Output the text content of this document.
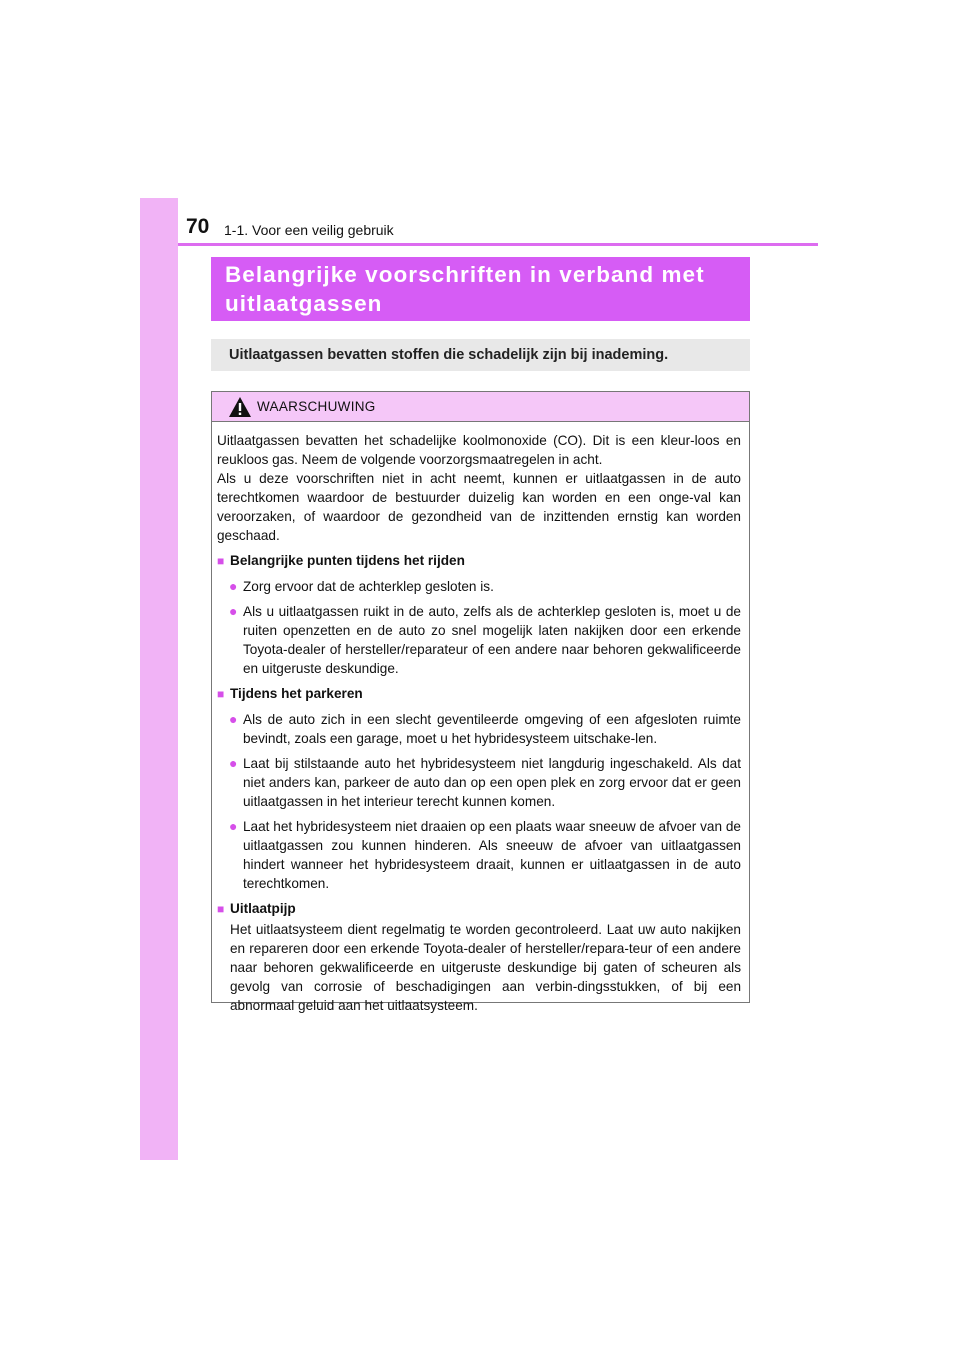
70 1-1. Voor een veilig gebruik
Belangrijke voorschriften in verband met
uitlaatgassen

Uitlaatgassen bevatten stoffen die schadelijk zijn bij inademing.

WAARSCHUWING

Uitlaatgassen bevatten het schadelijke koolmonoxide (CO). Dit is een kleur-loos en reukloos gas. Neem de volgende voorzorgsmaatregelen in acht.

Als u deze voorschriften niet in acht neemt, kunnen er uitlaatgassen in de auto terechtkomen waardoor de bestuurder duizelig kan worden en een onge-val kan veroorzaken, of waardoor de gezondheid van de inzittenden ernstig kan worden geschaad.

■ Belangrijke punten tijdens het rijden
● Zorg ervoor dat de achterklep gesloten is.

● Als u uitlaatgassen ruikt in de auto, zelfs als de achterklep gesloten is, moet u de ruiten openzetten en de auto zo snel mogelijk laten nakijken door een erkende Toyota-dealer of hersteller/reparateur of een andere naar behoren gekwalificeerde en uitgeruste deskundige.

■ Tijdens het parkeren
● Als de auto zich in een slecht geventileerde omgeving of een afgesloten ruimte bevindt, zoals een garage, moet u het hybridesysteem uitschake-len.

● Laat bij stilstaande auto het hybridesysteem niet langdurig ingeschakeld. Als dat niet anders kan, parkeer de auto dan op een open plek en zorg ervoor dat er geen uitlaatgassen in het interieur terecht kunnen komen.

● Laat het hybridesysteem niet draaien op een plaats waar sneeuw de afvoer van de uitlaatgassen zou kunnen hinderen. Als sneeuw de afvoer van uitlaatgassen hindert wanneer het hybridesysteem draait, kunnen er uitlaatgassen in de auto terechtkomen.

■ Uitlaatpijp

Het uitlaatsysteem dient regelmatig te worden gecontroleerd. Laat uw auto nakijken en repareren door een erkende Toyota-dealer of hersteller/repara-teur of een andere naar behoren gekwalificeerde en uitgeruste deskundige bij gaten of scheuren als gevolg van corrosie of beschadigingen aan verbin-dingsstukken, of bij een abnormaal geluid aan het uitlaatsysteem.
